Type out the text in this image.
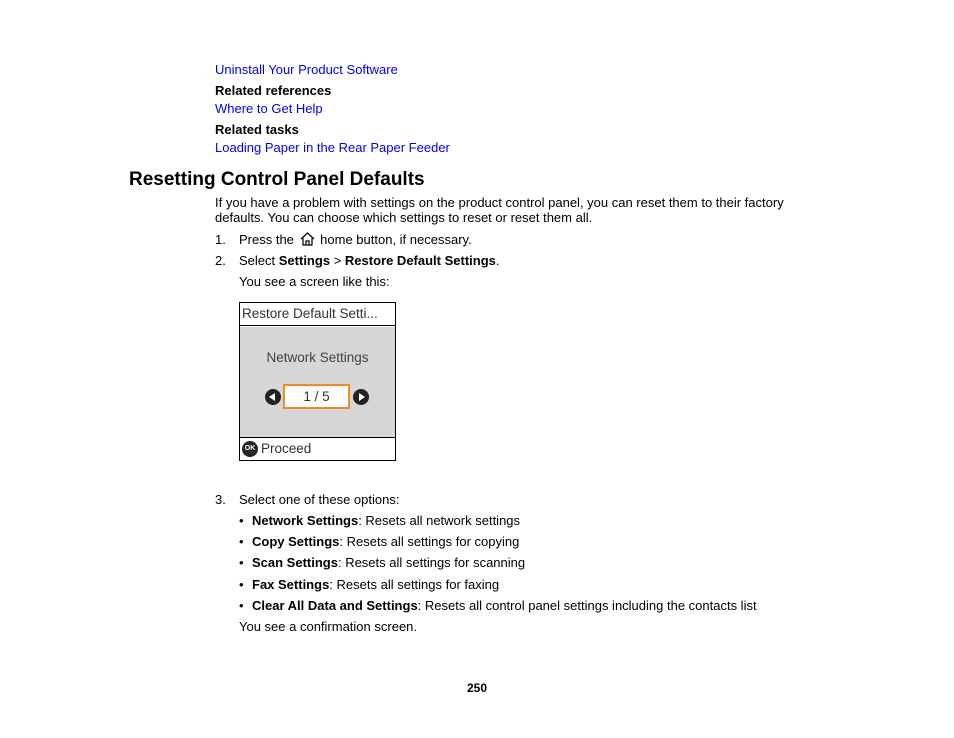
Uninstall Your Product Software
Related references
Where to Get Help
Related tasks
Loading Paper in the Rear Paper Feeder
Resetting Control Panel Defaults
If you have a problem with settings on the product control panel, you can reset them to their factory
defaults. You can choose which settings to reset or reset them all.
1. Press the home button, if necessary.
2. Select Settings > Restore Default Settings.
You see a screen like this:
Restore Default Setti...
Network Settings
1 / 5
OK Proceed
3. Select one of these options:
• Network Settings: Resets all network settings
• Copy Settings: Resets all settings for copying
• Scan Settings: Resets all settings for scanning
• Fax Settings: Resets all settings for faxing
• Clear All Data and Settings: Resets all control panel settings including the contacts list
You see a confirmation screen.
250
